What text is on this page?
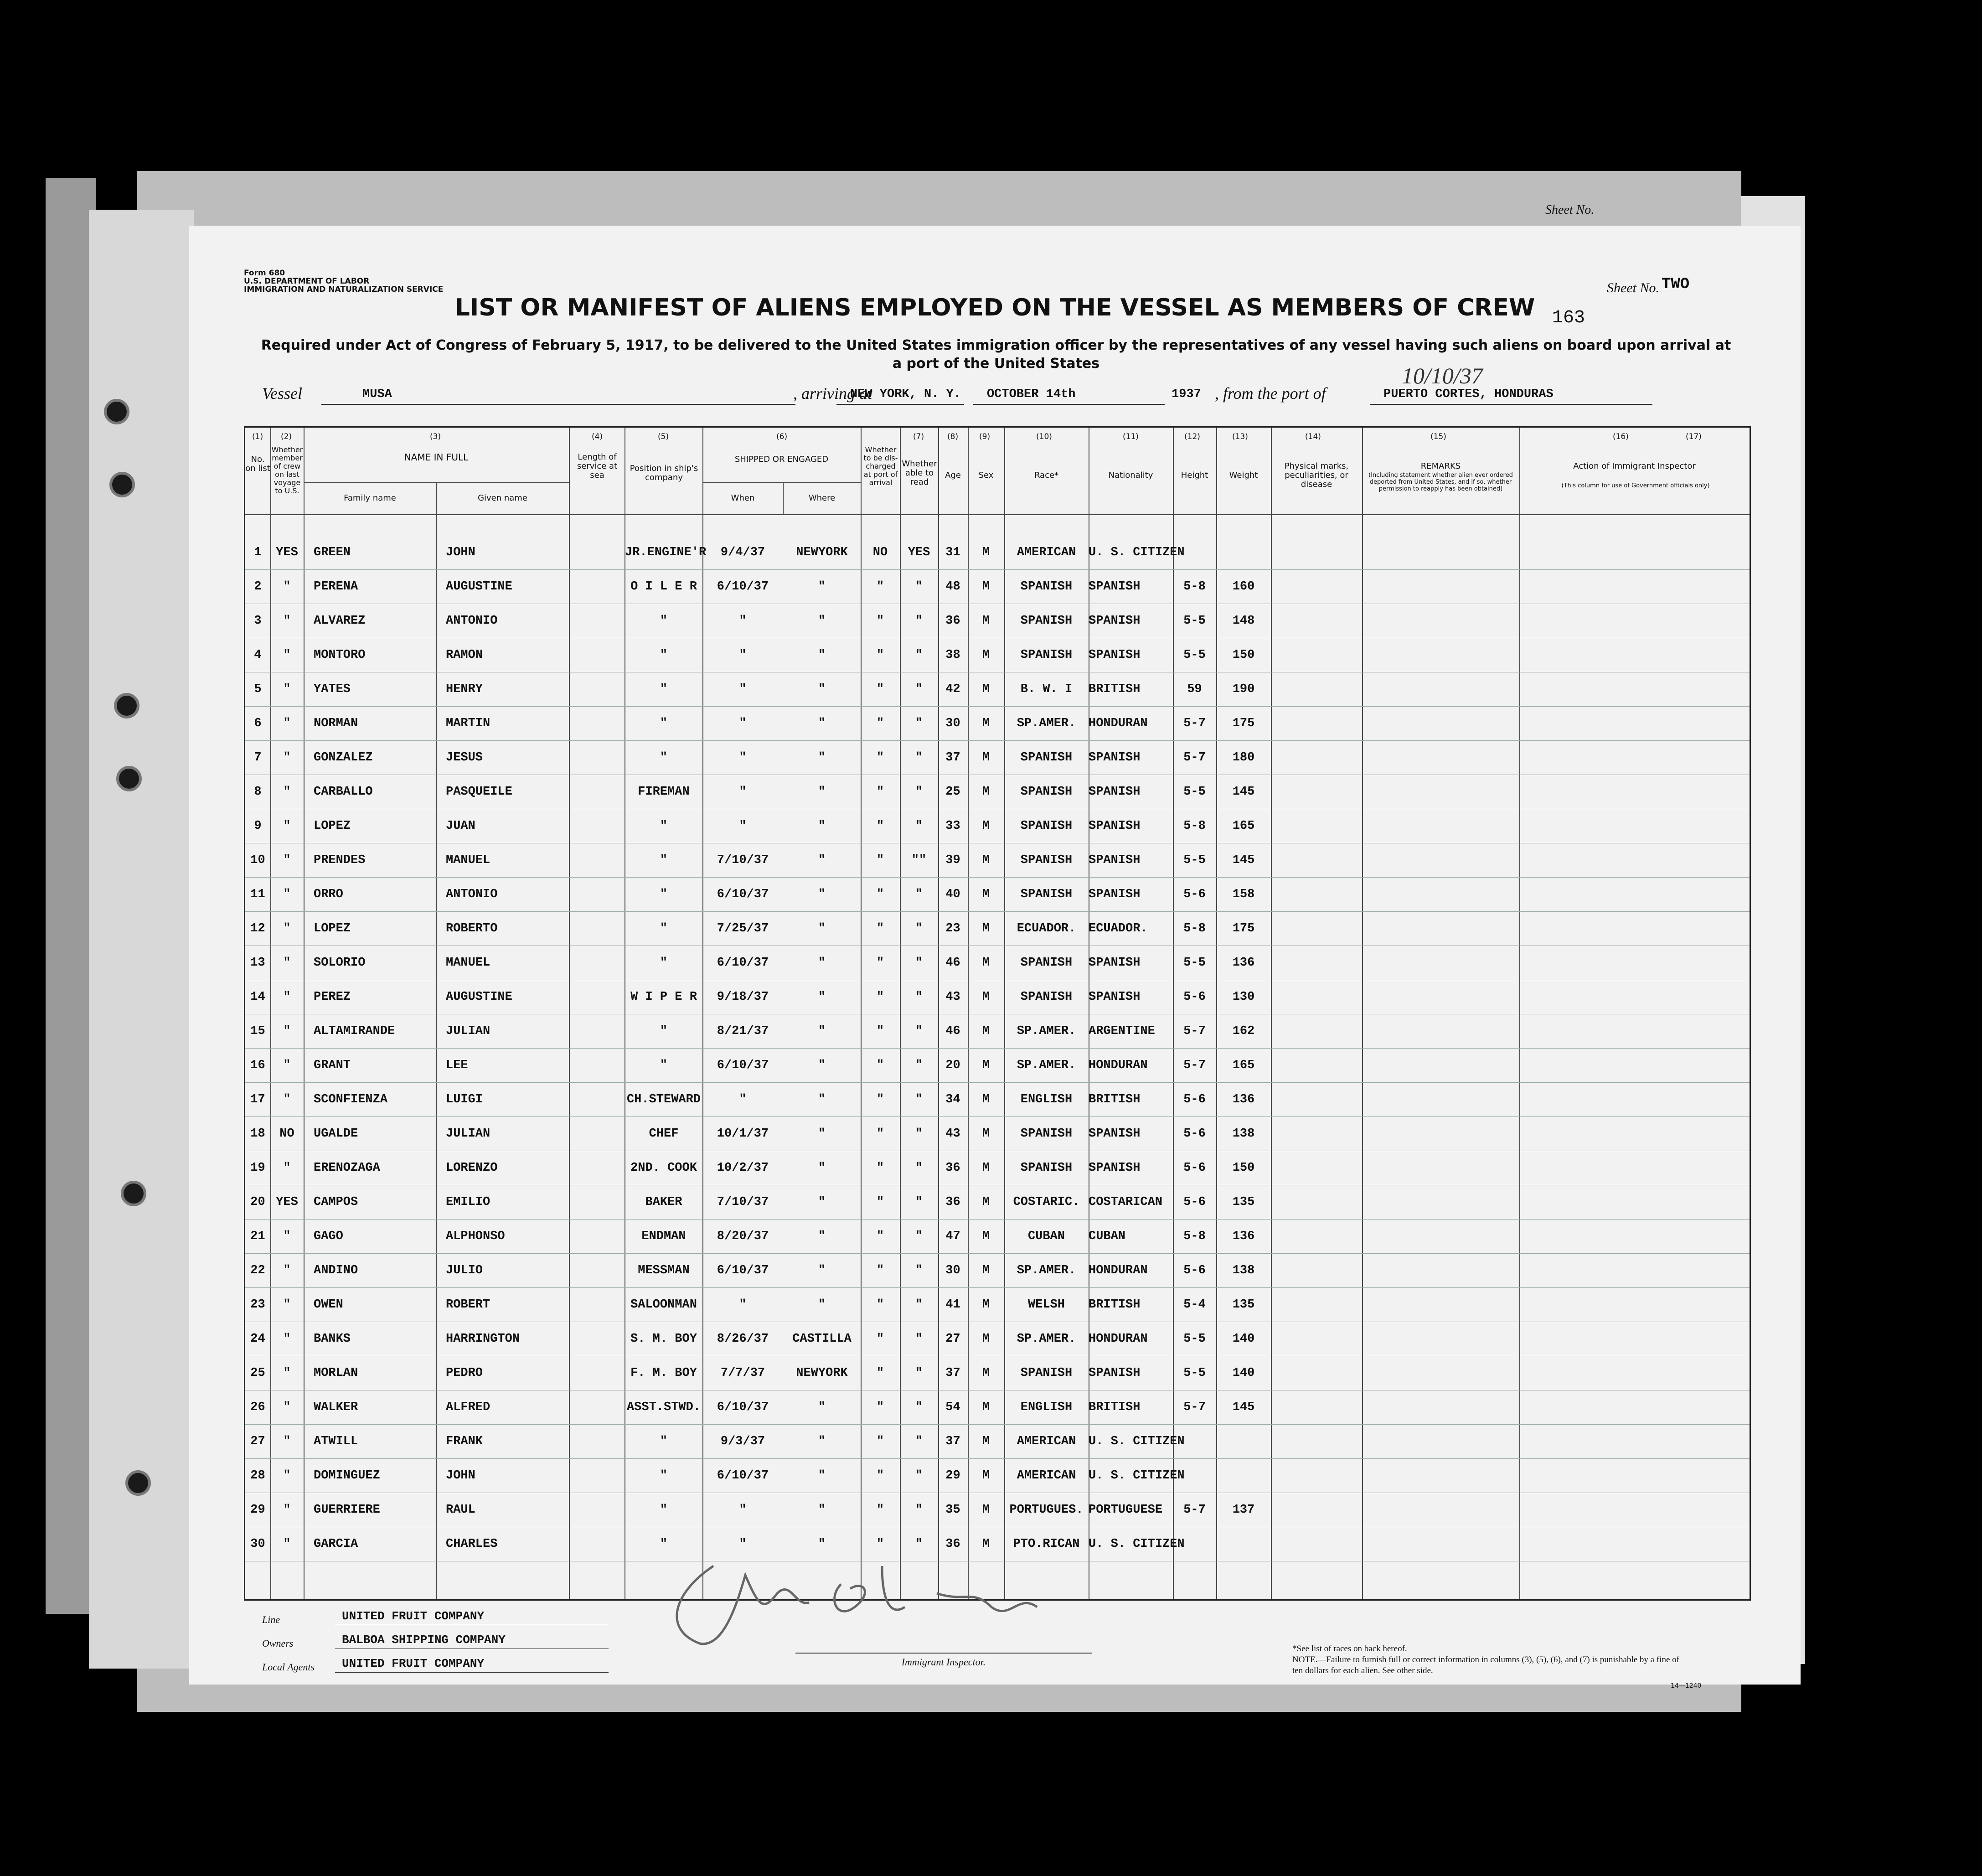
Sheet No.
Form 680
U.S. DEPARTMENT OF LABOR
IMMIGRATION AND NATURALIZATION SERVICE	Sheet No. TWO
LIST OR MANIFEST OF ALIENS EMPLOYED ON THE VESSEL AS MEMBERS OF CREW 163
Required under Act of Congress of February 5, 1917, to be delivered to the United States immigration officer by the representatives of any vessel having such aliens on board upon arrival at a port of the United States	10/10/37
Vessel	MUSA	, arriving at
NEW YORK, N. Y. OCTOBER 14th	1937 , from the port of	PUERTO CORTES, HONDURAS
(1) (2)	(3)	(4)	(5)	(6)	(7)	(8)	(9)	(10)	(11)	(12)	(13)	(14)	(15)	(16)	(17)
No. on list
Whether member of crew on last voyage to U.S.
NAME IN FULL
Family name	Given name
Length of service at sea
Position in ship's company
SHIPPED OR ENGAGED
When	Where
Whether to be dis-charged at port of arrival
Whether able to read
Age	Sex	Race*	Nationality	Height	Weight
Physical marks, peculiarities, or disease
REMARKS
(Including statement whether alien ever ordered deported from United States, and if so, whether permission to reapply has been obtained)
Action of Immigrant Inspector
(This column for use of Government officials only)
1	YES	GREEN	JOHN	JR.ENGINE'R	9/4/37	NEWYORK	NO	YES	31	M	AMERICAN	U. S. CITIZEN
2	"	PERENA	AUGUSTINE	O I L E R	6/10/37	"	"	"	48	M	SPANISH	SPANISH	5-8	160
3	"	ALVAREZ	ANTONIO	"	"	"	"	"	36	M	SPANISH	SPANISH	5-5	148
4	"	MONTORO	RAMON	"	"	"	"	"	38	M	SPANISH	SPANISH	5-5	150
5	"	YATES	HENRY	"	"	"	"	"	42	M	B. W. I	BRITISH	59	190
6	"	NORMAN	MARTIN	"	"	"	"	"	30	M	SP.AMER.	HONDURAN	5-7	175
7	"	GONZALEZ	JESUS	"	"	"	"	"	37	M	SPANISH	SPANISH	5-7	180
8	"	CARBALLO	PASQUEILE	FIREMAN	"	"	"	"	25	M	SPANISH	SPANISH	5-5	145
9	"	LOPEZ	JUAN	"	"	"	"	"	33	M	SPANISH	SPANISH	5-8	165
10	"	PRENDES	MANUEL	"	7/10/37	"	"	""	39	M	SPANISH	SPANISH	5-5	145
11	"	ORRO	ANTONIO	"	6/10/37	"	"	"	40	M	SPANISH	SPANISH	5-6	158
12	"	LOPEZ	ROBERTO	"	7/25/37	"	"	"	23	M	ECUADOR.	ECUADOR.	5-8	175
13	"	SOLORIO	MANUEL	"	6/10/37	"	"	"	46	M	SPANISH	SPANISH	5-5	136
14	"	PEREZ	AUGUSTINE	W I P E R	9/18/37	"	"	"	43	M	SPANISH	SPANISH	5-6	130
15	"	ALTAMIRANDE	JULIAN	"	8/21/37	"	"	"	46	M	SP.AMER.	ARGENTINE	5-7	162
16	"	GRANT	LEE	"	6/10/37	"	"	"	20	M	SP.AMER.	HONDURAN	5-7	165
17	"	SCONFIENZA	LUIGI	CH.STEWARD	"	"	"	"	34	M	ENGLISH	BRITISH	5-6	136
18	NO	UGALDE	JULIAN	CHEF	10/1/37	"	"	"	43	M	SPANISH	SPANISH	5-6	138
19	"	ERENOZAGA	LORENZO	2ND. COOK	10/2/37	"	"	"	36	M	SPANISH	SPANISH	5-6	150
20 YES	CAMPOS	EMILIO	BAKER	7/10/37	"	"	"	36	M	COSTARIC. COSTARICAN	5-6	135
21	"	GAGO	ALPHONSO	ENDMAN	8/20/37	"	"	"	47	M	CUBAN	CUBAN	5-8	136
22	"	ANDINO	JULIO	MESSMAN	6/10/37	"	"	"	30	M	SP.AMER.	HONDURAN	5-6	138
23	"	OWEN	ROBERT	SALOONMAN	"	"	"	"	41	M	WELSH	BRITISH	5-4	135
24	"	BANKS	HARRINGTON	S. M. BOY	8/26/37	CASTILLA	"	"	27	M	SP.AMER.	HONDURAN	5-5	140
25	"	MORLAN	PEDRO	F. M. BOY	7/7/37	NEWYORK	"	"	37	M	SPANISH	SPANISH	5-5	140
26	"	WALKER	ALFRED	ASST.STWD.	6/10/37	"	"	"	54	M	ENGLISH	BRITISH	5-7	145
27	"	ATWILL	FRANK	"	9/3/37	"	"	"	37	M	AMERICAN	U. S. CITIZEN
28	"	DOMINGUEZ	JOHN	"	6/10/37	"	"	"	29	M	AMERICAN	U. S. CITIZEN
29	"	GUERRIERE	RAUL	"	"	"	"	"	35	M	PORTUGUES. PORTUGUESE	5-7	137
30	"	GARCIA	CHARLES	"	"	"	"	"	36	M	PTO.RICAN U. S. CITIZEN
Line	UNITED FRUIT COMPANY
Owners	BALBOA SHIPPING COMPANY
Local Agents UNITED FRUIT COMPANY	Immigrant Inspector.
*See list of races on back hereof.
NOTE.—Failure to furnish full or correct information in columns (3), (5), (6), and (7) is punishable by a fine of ten dollars for each alien. See other side.
14—1240
